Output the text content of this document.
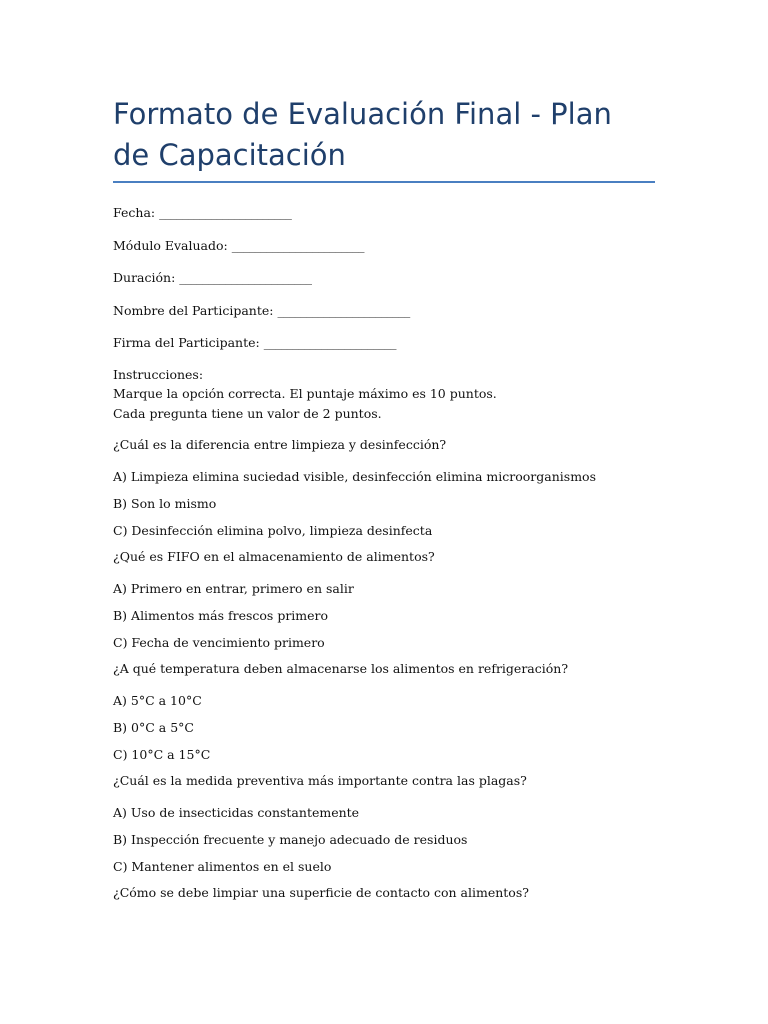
Formato de Evaluación Final - Plan de Capacitación
Fecha: _______________________
Módulo Evaluado: _______________________
Duración: _______________________
Nombre del Participante: _______________________
Firma del Participante: _______________________
Instrucciones:
Marque la opción correcta. El puntaje máximo es 10 puntos.
Cada pregunta tiene un valor de 2 puntos.
¿Cuál es la diferencia entre limpieza y desinfección?
A) Limpieza elimina suciedad visible, desinfección elimina microorganismos
B) Son lo mismo
C) Desinfección elimina polvo, limpieza desinfecta
¿Qué es FIFO en el almacenamiento de alimentos?
A) Primero en entrar, primero en salir
B) Alimentos más frescos primero
C) Fecha de vencimiento primero
¿A qué temperatura deben almacenarse los alimentos en refrigeración?
A) 5°C a 10°C
B) 0°C a 5°C
C) 10°C a 15°C
¿Cuál es la medida preventiva más importante contra las plagas?
A) Uso de insecticidas constantemente
B) Inspección frecuente y manejo adecuado de residuos
C) Mantener alimentos en el suelo
¿Cómo se debe limpiar una superficie de contacto con alimentos?
